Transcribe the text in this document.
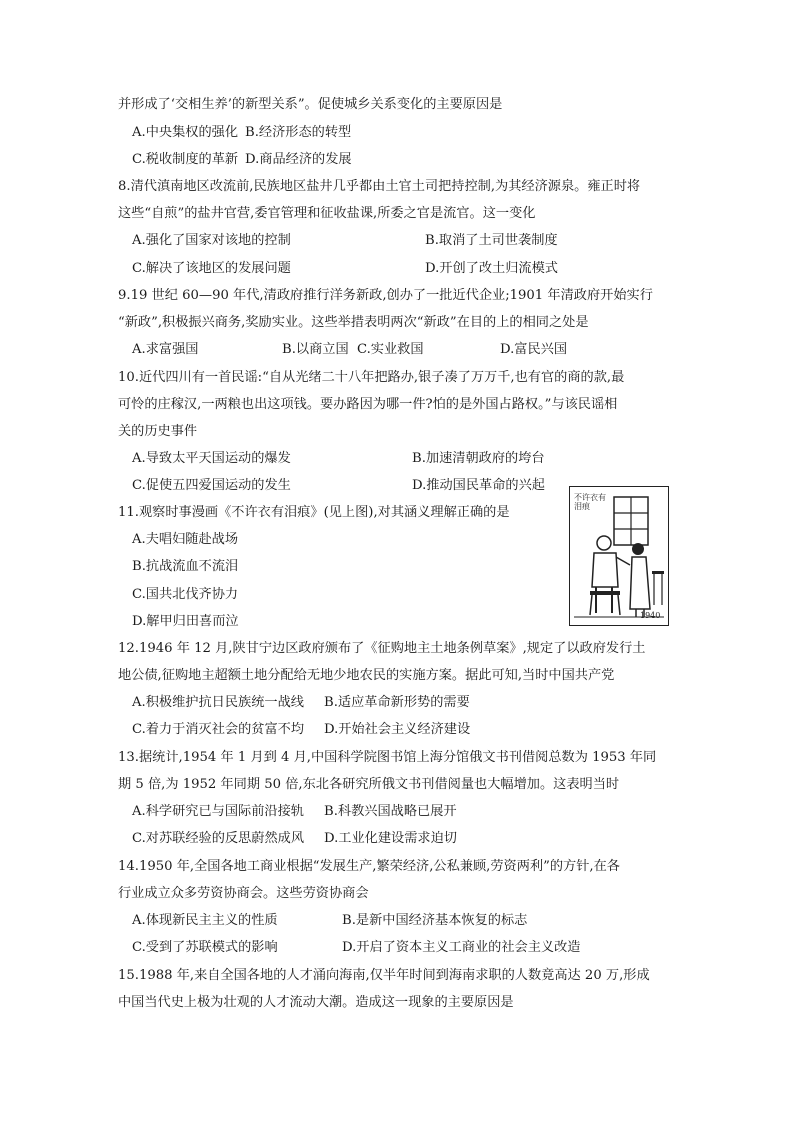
并形成了‘交相生养’的新型关系”。促使城乡关系变化的主要原因是
A.中央集权的强化 B.经济形态的转型
C.税收制度的革新 D.商品经济的发展
8.清代滇南地区改流前,民族地区盐井几乎都由土官土司把持控制,为其经济源泉。雍正时将
这些“自煎”的盐井官营,委官管理和征收盐课,所委之官是流官。这一变化
A.强化了国家对该地的控制	B.取消了土司世袭制度
C.解决了该地区的发展问题	D.开创了改土归流模式
9.19 世纪 60—90 年代,清政府推行洋务新政,创办了一批近代企业;1901 年清政府开始实行
“新政”,积极振兴商务,奖励实业。这些举措表明两次“新政”在目的上的相同之处是
A.求富强国	B.以商立国 C.实业救国	D.富民兴国
10.近代四川有一首民谣:“自从光绪二十八年把路办,银子凑了万万千,也有官的商的款,最
可怜的庄稼汉,一两粮也出这项钱。要办路因为哪一件?怕的是外国占路权。”与该民谣相
关的历史事件
A.导致太平天国运动的爆发	B.加速清朝政府的垮台
C.促使五四爱国运动的发生	D.推动国民革命的兴起
11.观察时事漫画《不许衣有泪痕》(见上图),对其涵义理解正确的是
A.夫唱妇随赴战场
B.抗战流血不流泪
C.国共北伐齐协力
D.解甲归田喜而泣
不许衣有泪痕
1940
12.1946 年 12 月,陕甘宁边区政府颁布了《征购地主土地条例草案》,规定了以政府发行土
地公债,征购地主超额土地分配给无地少地农民的实施方案。据此可知,当时中国共产党
A.积极维护抗日民族统一战线 B.适应革命新形势的需要
C.着力于消灭社会的贫富不均 D.开始社会主义经济建设
13.据统计,1954 年 1 月到 4 月,中国科学院图书馆上海分馆俄文书刊借阅总数为 1953 年同
期 5 倍,为 1952 年同期 50 倍,东北各研究所俄文书刊借阅量也大幅增加。这表明当时
A.科学研究已与国际前沿接轨 B.科教兴国战略已展开
C.对苏联经验的反思蔚然成风 D.工业化建设需求迫切
14.1950 年,全国各地工商业根据“发展生产,繁荣经济,公私兼顾,劳资两利”的方针,在各
行业成立众多劳资协商会。这些劳资协商会
A.体现新民主主义的性质	B.是新中国经济基本恢复的标志
C.受到了苏联模式的影响	D.开启了资本主义工商业的社会主义改造
15.1988 年,来自全国各地的人才涌向海南,仅半年时间到海南求职的人数竟高达 20 万,形成
中国当代史上极为壮观的人才流动大潮。造成这一现象的主要原因是
